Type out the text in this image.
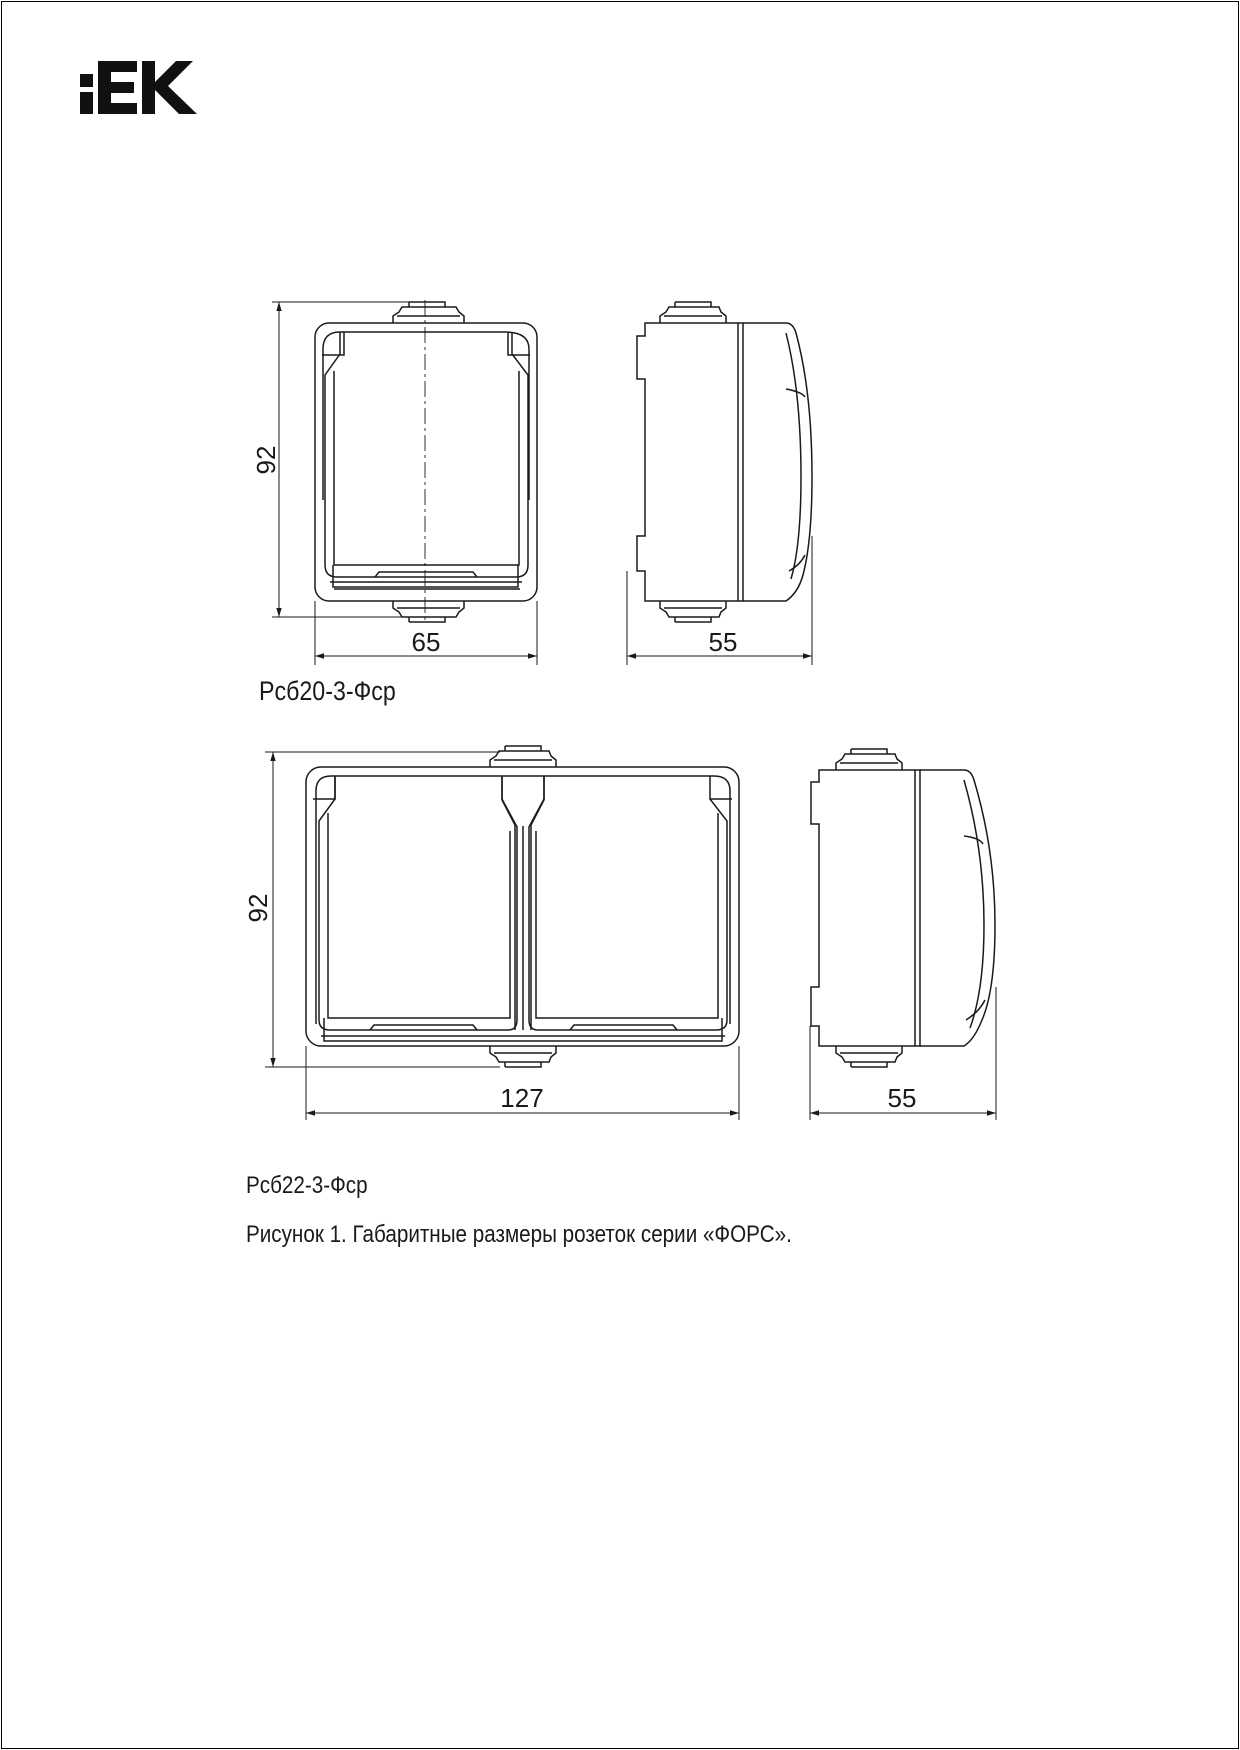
92
65	55
92
127	55
Рсб20-3-Фср
Рсб22-3-Фср
Рисунок 1. Габаритные размеры розеток серии «ФОРС».
